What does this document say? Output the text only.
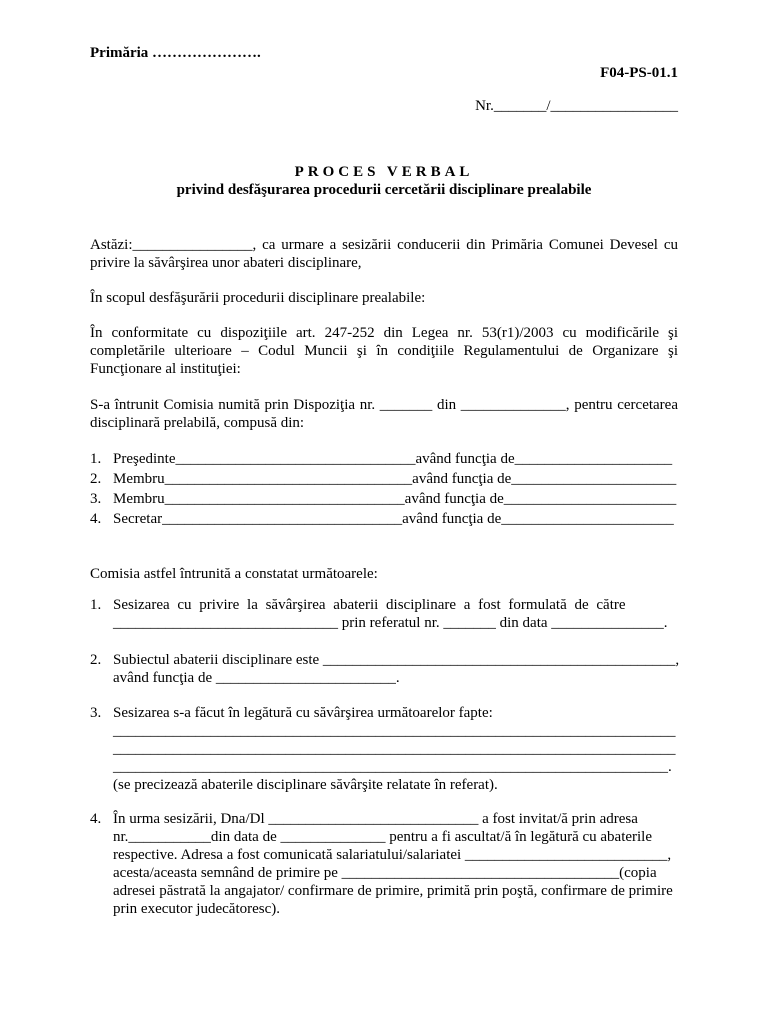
Primăria ………………….
F04-PS-01.1
Nr._______/_________________
PROCES VERBAL
privind desfăşurarea procedurii cercetării disciplinare prealabile
Astăzi:________________, ca urmare a sesizării conducerii din Primăria Comunei Devesel cu privire la săvârşirea unor abateri disciplinare,
În scopul desfăşurării procedurii disciplinare prealabile:
În conformitate cu dispoziţiile art. 247-252 din Legea nr. 53(r1)/2003 cu modificările şi completările ulterioare – Codul Muncii şi în condiţiile Regulamentului de Organizare şi Funcţionare al instituţiei:
S-a întrunit Comisia numită prin Dispoziţia nr. _______ din ______________, pentru cercetarea disciplinară prelabilă, compusă din:
1. Preşedinte________________________________având funcţia de_____________________
2. Membru_________________________________având funcţia de______________________
3. Membru________________________________având funcţia de_______________________
4. Secretar________________________________având funcţia de_______________________
Comisia astfel întrunită a constatat următoarele:
1. Sesizarea cu privire la săvârşirea abaterii disciplinare a fost formulată de către
______________________________ prin referatul nr. _______ din data _______________.
2. Subiectul abaterii disciplinare este _______________________________________________,
având funcţia de ________________________.
3. Sesizarea s-a făcut în legătură cu săvârşirea următoarelor fapte:
___________________________________________________________________________
___________________________________________________________________________
__________________________________________________________________________.
(se precizează abaterile disciplinare săvârşite relatate în referat).
4. În urma sesizării, Dna/Dl ____________________________ a fost invitat/ă prin adresa
nr.___________din data de ______________ pentru a fi ascultat/ă în legătură cu abaterile
respective. Adresa a fost comunicată salariatului/salariatei ___________________________,
acesta/aceasta semnând de primire pe _____________________________________(copia
adresei păstrată la angajator/ confirmare de primire, primită prin poştă, confirmare de primire
prin executor judecătoresc).
